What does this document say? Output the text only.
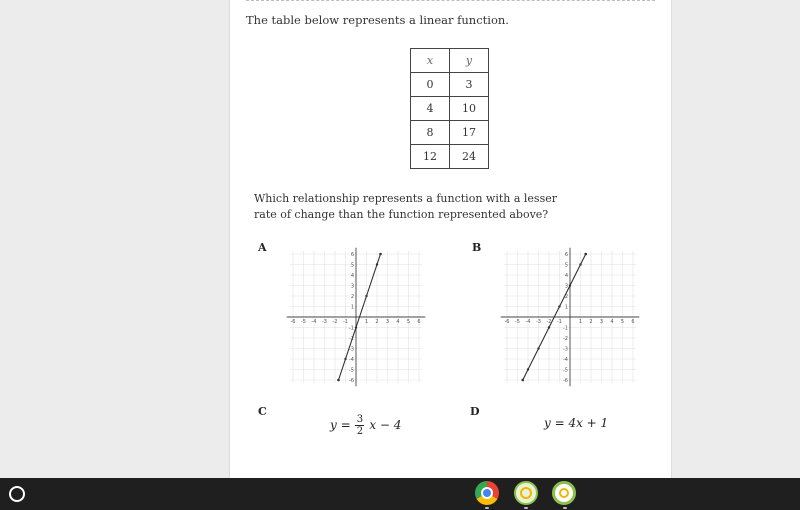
The table below represents a linear function.
x	y
0	3
4	10
8	17
12	24
Which relationship represents a function with a lesser rate of change than the function represented above?
A
-6 -5 -4 -3 -2 -1	1 2 3 4 5 6
6
5
4
3
2
1
-1
-2
-3
-4
-5
-6
B
-6 -5 -4 -3 -2 -1	1 2 3 4 5 6
6
5
4
3
2
1
-1
-2
-3
-4
-5
-6
C
$y = \frac{3}{2}$ x − 4
D
y = 4x + 1
